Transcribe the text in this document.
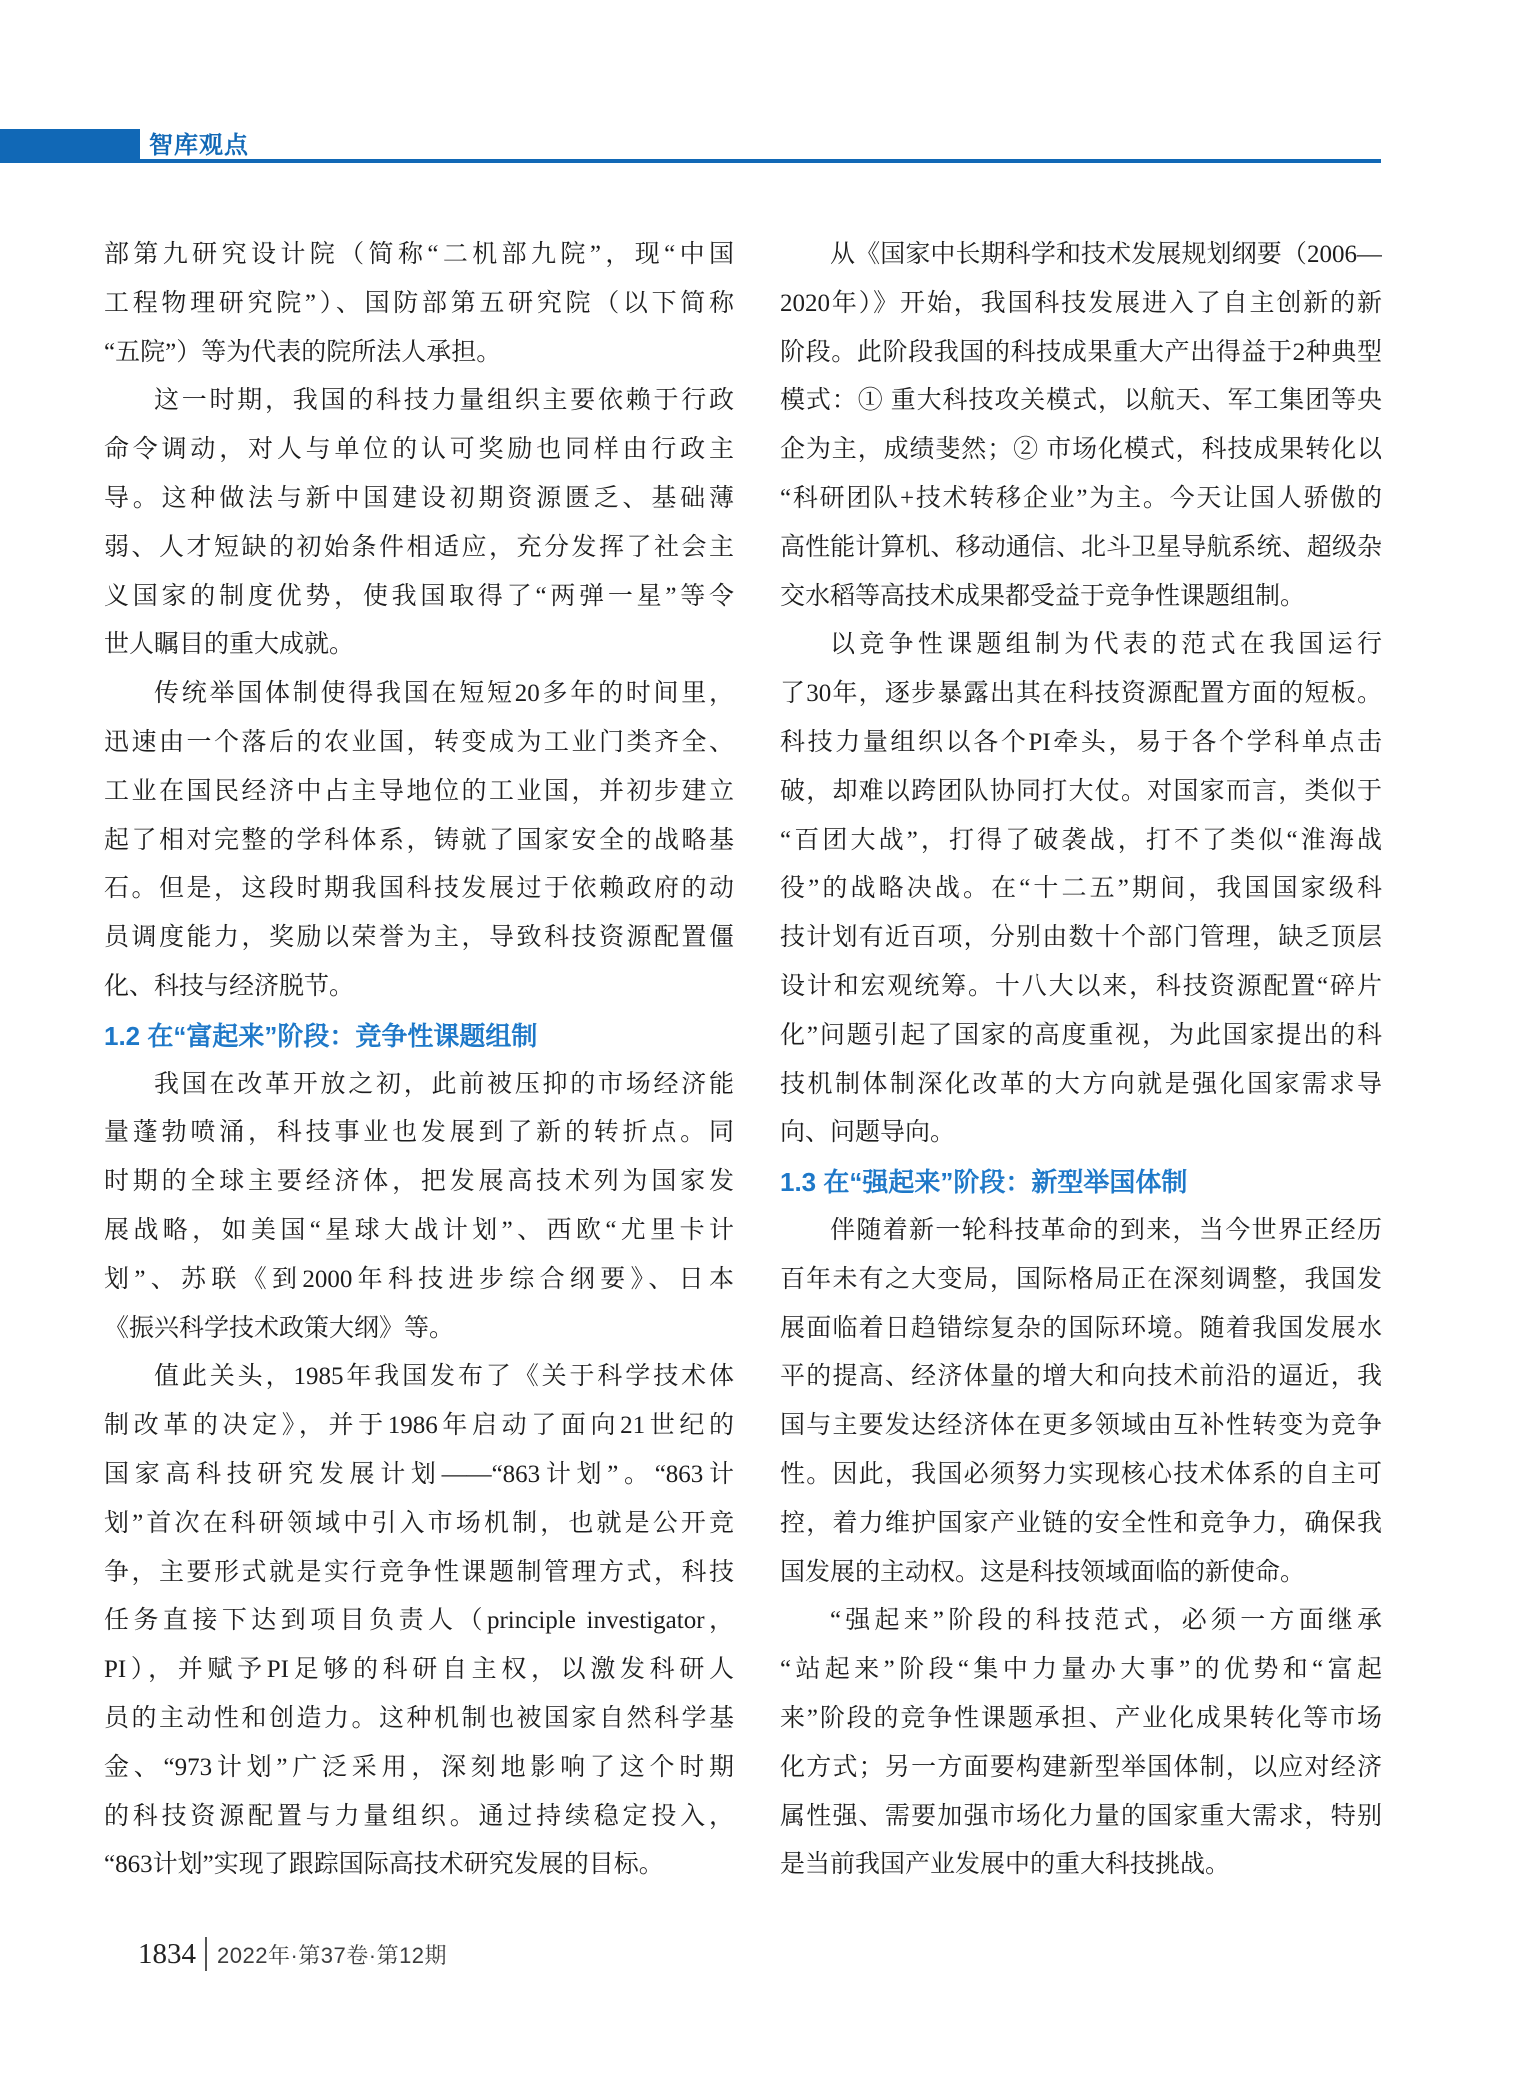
智库观点
部第九研究设计院（简称“二机部九院”，现“中国
工程物理研究院”）、国防部第五研究院（以下简称
“五院”）等为代表的院所法人承担。
这一时期，我国的科技力量组织主要依赖于行政
命令调动，对人与单位的认可奖励也同样由行政主
导。这种做法与新中国建设初期资源匮乏、基础薄
弱、人才短缺的初始条件相适应，充分发挥了社会主
义国家的制度优势，使我国取得了“两弹一星”等令
世人瞩目的重大成就。
传统举国体制使得我国在短短20多年的时间里，
迅速由一个落后的农业国，转变成为工业门类齐全、
工业在国民经济中占主导地位的工业国，并初步建立
起了相对完整的学科体系，铸就了国家安全的战略基
石。但是，这段时期我国科技发展过于依赖政府的动
员调度能力，奖励以荣誉为主，导致科技资源配置僵
化、科技与经济脱节。
1.2 在“富起来”阶段：竞争性课题组制
我国在改革开放之初，此前被压抑的市场经济能
量蓬勃喷涌，科技事业也发展到了新的转折点。同
时期的全球主要经济体，把发展高技术列为国家发
展战略，如美国“星球大战计划”、西欧“尤里卡计
划”、苏联《到2000年科技进步综合纲要》、日本
《振兴科学技术政策大纲》等。
值此关头，1985年我国发布了《关于科学技术体
制改革的决定》，并于1986年启动了面向21世纪的
国家高科技研究发展计划——“863计划”。“863计
划”首次在科研领域中引入市场机制，也就是公开竞
争，主要形式就是实行竞争性课题制管理方式，科技
任务直接下达到项目负责人（principle investigator，
PI），并赋予PI足够的科研自主权，以激发科研人
员的主动性和创造力。这种机制也被国家自然科学基
金、“973计划”广泛采用，深刻地影响了这个时期
的科技资源配置与力量组织。通过持续稳定投入，
“863计划”实现了跟踪国际高技术研究发展的目标。
从《国家中长期科学和技术发展规划纲要（2006—
2020年）》开始，我国科技发展进入了自主创新的新
阶段。此阶段我国的科技成果重大产出得益于2种典型
模式：① 重大科技攻关模式，以航天、军工集团等央
企为主，成绩斐然；② 市场化模式，科技成果转化以
“科研团队+技术转移企业”为主。今天让国人骄傲的
高性能计算机、移动通信、北斗卫星导航系统、超级杂
交水稻等高技术成果都受益于竞争性课题组制。
以竞争性课题组制为代表的范式在我国运行
了30年，逐步暴露出其在科技资源配置方面的短板。
科技力量组织以各个PI牵头，易于各个学科单点击
破，却难以跨团队协同打大仗。对国家而言，类似于
“百团大战”，打得了破袭战，打不了类似“淮海战
役”的战略决战。在“十二五”期间，我国国家级科
技计划有近百项，分别由数十个部门管理，缺乏顶层
设计和宏观统筹。十八大以来，科技资源配置“碎片
化”问题引起了国家的高度重视，为此国家提出的科
技机制体制深化改革的大方向就是强化国家需求导
向、问题导向。
1.3 在“强起来”阶段：新型举国体制
伴随着新一轮科技革命的到来，当今世界正经历
百年未有之大变局，国际格局正在深刻调整，我国发
展面临着日趋错综复杂的国际环境。随着我国发展水
平的提高、经济体量的增大和向技术前沿的逼近，我
国与主要发达经济体在更多领域由互补性转变为竞争
性。因此，我国必须努力实现核心技术体系的自主可
控，着力维护国家产业链的安全性和竞争力，确保我
国发展的主动权。这是科技领域面临的新使命。
“强起来”阶段的科技范式，必须一方面继承
“站起来”阶段“集中力量办大事”的优势和“富起
来”阶段的竞争性课题承担、产业化成果转化等市场
化方式；另一方面要构建新型举国体制，以应对经济
属性强、需要加强市场化力量的国家重大需求，特别
是当前我国产业发展中的重大科技挑战。
1834 2022年·第37卷·第12期
